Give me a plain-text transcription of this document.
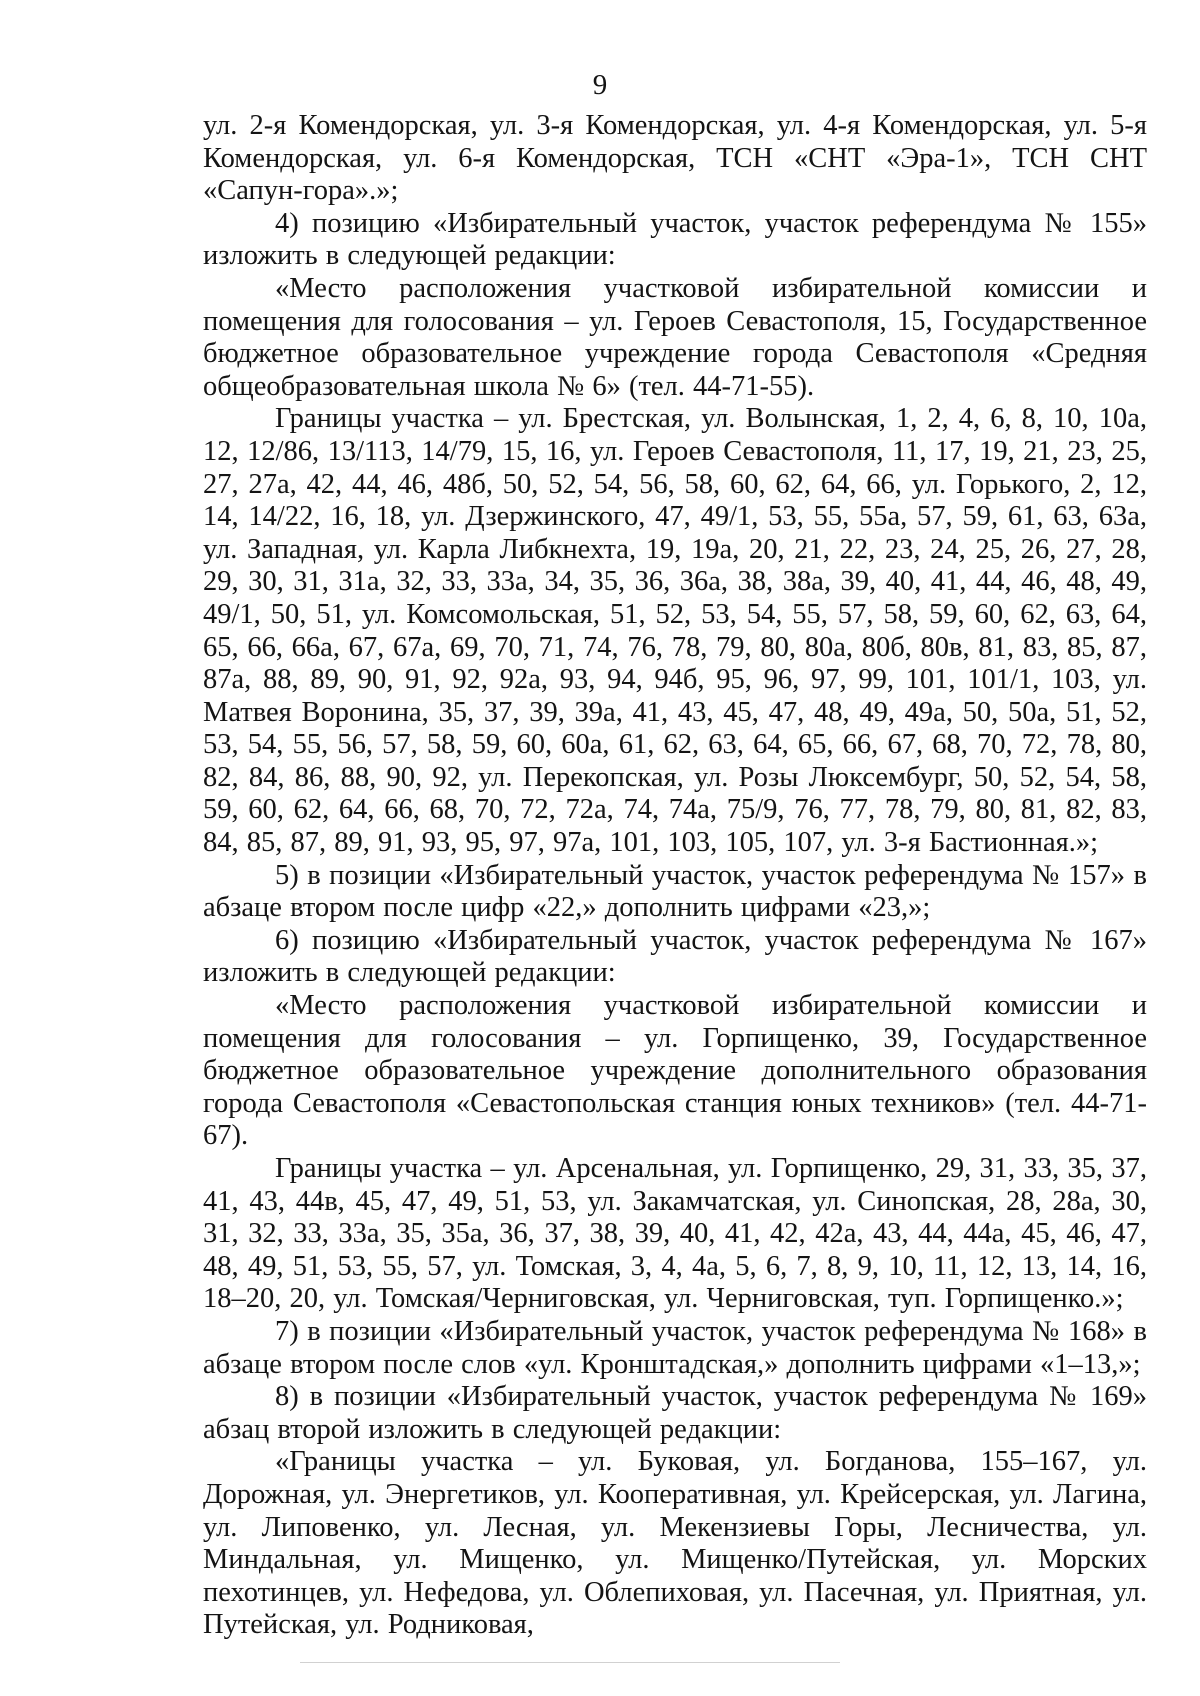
9

ул. 2-я Комендорская, ул. 3-я Комендорская, ул. 4-я Комендорская, ул. 5-я Комендорская, ул. 6-я Комендорская, ТСН «СНТ «Эра-1», ТСН СНТ «Сапун-гора».»;

4) позицию «Избирательный участок, участок референдума № 155» изложить в следующей редакции:

«Место расположения участковой избирательной комиссии и помещения для голосования – ул. Героев Севастополя, 15, Государственное бюджетное образовательное учреждение города Севастополя «Средняя общеобразовательная школа № 6» (тел. 44-71-55).

Границы участка – ул. Брестская, ул. Волынская, 1, 2, 4, 6, 8, 10, 10а, 12, 12/86, 13/113, 14/79, 15, 16, ул. Героев Севастополя, 11, 17, 19, 21, 23, 25, 27, 27а, 42, 44, 46, 48б, 50, 52, 54, 56, 58, 60, 62, 64, 66, ул. Горького, 2, 12, 14, 14/22, 16, 18, ул. Дзержинского, 47, 49/1, 53, 55, 55а, 57, 59, 61, 63, 63а, ул. Западная, ул. Карла Либкнехта, 19, 19а, 20, 21, 22, 23, 24, 25, 26, 27, 28, 29, 30, 31, 31а, 32, 33, 33а, 34, 35, 36, 36а, 38, 38а, 39, 40, 41, 44, 46, 48, 49, 49/1, 50, 51, ул. Комсомольская, 51, 52, 53, 54, 55, 57, 58, 59, 60, 62, 63, 64, 65, 66, 66а, 67, 67а, 69, 70, 71, 74, 76, 78, 79, 80, 80а, 80б, 80в, 81, 83, 85, 87, 87а, 88, 89, 90, 91, 92, 92а, 93, 94, 94б, 95, 96, 97, 99, 101, 101/1, 103, ул. Матвея Воронина, 35, 37, 39, 39а, 41, 43, 45, 47, 48, 49, 49а, 50, 50а, 51, 52, 53, 54, 55, 56, 57, 58, 59, 60, 60а, 61, 62, 63, 64, 65, 66, 67, 68, 70, 72, 78, 80, 82, 84, 86, 88, 90, 92, ул. Перекопская, ул. Розы Люксембург, 50, 52, 54, 58, 59, 60, 62, 64, 66, 68, 70, 72, 72а, 74, 74а, 75/9, 76, 77, 78, 79, 80, 81, 82, 83, 84, 85, 87, 89, 91, 93, 95, 97, 97а, 101, 103, 105, 107, ул. 3-я Бастионная.»;

5) в позиции «Избирательный участок, участок референдума № 157» в абзаце втором после цифр «22,» дополнить цифрами «23,»;

6) позицию «Избирательный участок, участок референдума № 167» изложить в следующей редакции:

«Место расположения участковой избирательной комиссии и помещения для голосования – ул. Горпищенко, 39, Государственное бюджетное образовательное учреждение дополнительного образования города Севастополя «Севастопольская станция юных техников» (тел. 44-71-67).

Границы участка – ул. Арсенальная, ул. Горпищенко, 29, 31, 33, 35, 37, 41, 43, 44в, 45, 47, 49, 51, 53, ул. Закамчатская, ул. Синопская, 28, 28а, 30, 31, 32, 33, 33а, 35, 35а, 36, 37, 38, 39, 40, 41, 42, 42а, 43, 44, 44а, 45, 46, 47, 48, 49, 51, 53, 55, 57, ул. Томская, 3, 4, 4а, 5, 6, 7, 8, 9, 10, 11, 12, 13, 14, 16, 18–20, 20, ул. Томская/Черниговская, ул. Черниговская, туп. Горпищенко.»;

7) в позиции «Избирательный участок, участок референдума № 168» в абзаце втором после слов «ул. Кронштадская,» дополнить цифрами «1–13,»;

8) в позиции «Избирательный участок, участок референдума № 169» абзац второй изложить в следующей редакции:

«Границы участка – ул. Буковая, ул. Богданова, 155–167, ул. Дорожная, ул. Энергетиков, ул. Кооперативная, ул. Крейсерская, ул. Лагина, ул. Липовенко, ул. Лесная, ул. Мекензиевы Горы, Лесничества, ул. Миндальная, ул. Мищенко, ул. Мищенко/Путейская, ул. Морских пехотинцев, ул. Нефедова, ул. Облепиховая, ул. Пасечная, ул. Приятная, ул. Путейская, ул. Родниковая,
